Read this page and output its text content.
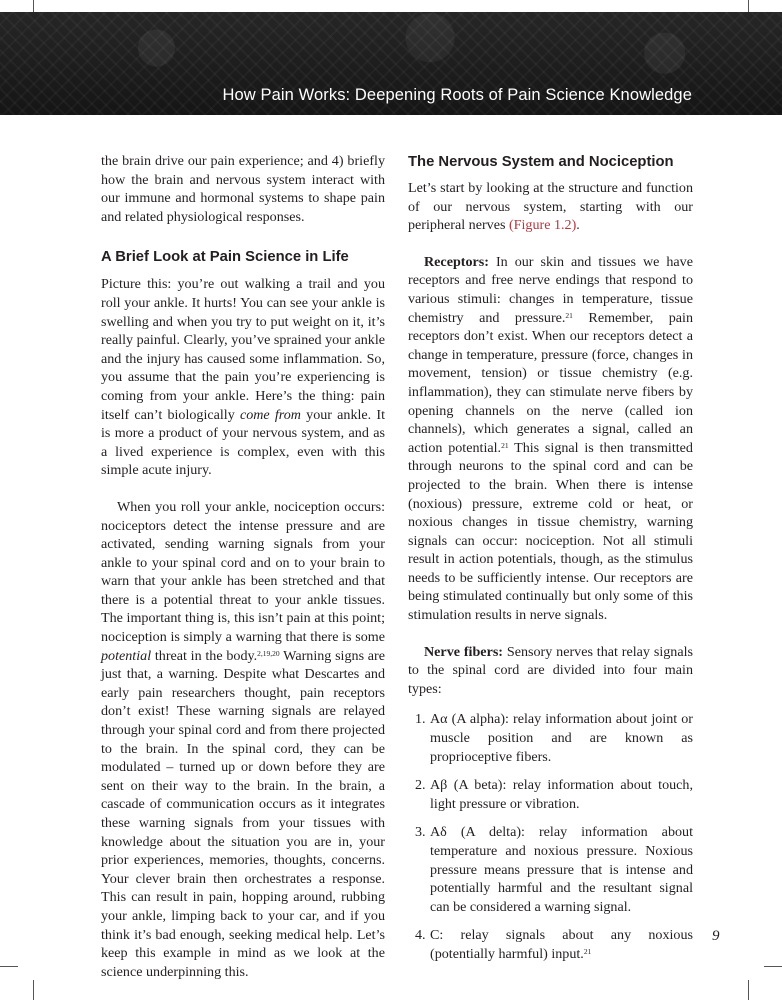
How Pain Works: Deepening Roots of Pain Science Knowledge

the brain drive our pain experience; and 4) briefly how the brain and nervous system interact with our immune and hormonal systems to shape pain and related physiological responses.

A Brief Look at Pain Science in Life

Picture this: you’re out walking a trail and you roll your ankle. It hurts! You can see your ankle is swelling and when you try to put weight on it, it’s really painful. Clearly, you’ve sprained your ankle and the injury has caused some inflammation. So, you assume that the pain you’re experiencing is coming from your ankle. Here’s the thing: pain itself can’t biologically come from your ankle. It is more a product of your nervous system, and as a lived experience is complex, even with this simple acute injury.

When you roll your ankle, nociception occurs: nociceptors detect the intense pressure and are activated, sending warning signals from your ankle to your spinal cord and on to your brain to warn that your ankle has been stretched and that there is a potential threat to your ankle tissues. The important thing is, this isn’t pain at this point; nociception is simply a warning that there is some potential threat in the body.$^{2,19,20}$ Warning signs are just that, a warning. Despite what Descartes and early pain researchers thought, pain receptors don’t exist! These warning signals are relayed through your spinal cord and from there projected to the brain. In the spinal cord, they can be modulated – turned up or down before they are sent on their way to the brain. In the brain, a cascade of communication occurs as it integrates these warning signals from your tissues with knowledge about the situation you are in, your prior experiences, memories, thoughts, concerns. Your clever brain then orchestrates a response. This can result in pain, hopping around, rubbing your ankle, limping back to your car, and if you think it’s bad enough, seeking medical help. Let’s keep this example in mind as we look at the science underpinning this.

The Nervous System and Nociception

Let’s start by looking at the structure and function of our nervous system, starting with our peripheral nerves (Figure 1.2).

Receptors: In our skin and tissues we have receptors and free nerve endings that respond to various stimuli: changes in temperature, tissue chemistry and pressure.$^{21}$ Remember, pain receptors don’t exist. When our receptors detect a change in temperature, pressure (force, changes in movement, tension) or tissue chemistry (e.g. inflammation), they can stimulate nerve fibers by opening channels on the nerve (called ion channels), which generates a signal, called an action potential.$^{21}$ This signal is then transmitted through neurons to the spinal cord and can be projected to the brain. When there is intense (noxious) pressure, extreme cold or heat, or noxious changes in tissue chemistry, warning signals can occur: nociception. Not all stimuli result in action potentials, though, as the stimulus needs to be sufficiently intense. Our receptors are being stimulated continually but only some of this stimulation results in nerve signals.

Nerve fibers: Sensory nerves that relay signals to the spinal cord are divided into four main types:

1. Aα (A alpha): relay information about joint or muscle position and are known as proprioceptive fibers.
2. Aβ (A beta): relay information about touch, light pressure or vibration.
3. Aδ (A delta): relay information about temperature and noxious pressure. Noxious pressure means pressure that is intense and potentially harmful and the resultant signal can be considered a warning signal.
4. C: relay signals about any noxious (potentially harmful) input.$^{21}$
9
